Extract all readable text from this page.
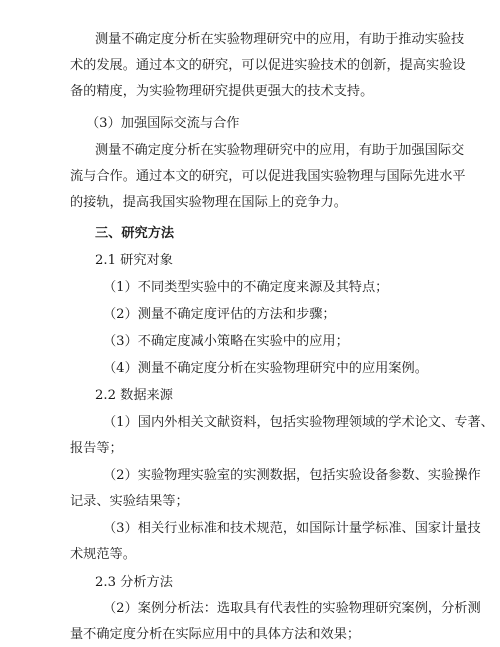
测量不确定度分析在实验物理研究中的应用，有助于推动实验技
术的发展。通过本文的研究，可以促进实验技术的创新，提高实验设
备的精度，为实验物理研究提供更强大的技术支持。
（3）加强国际交流与合作
测量不确定度分析在实验物理研究中的应用，有助于加强国际交
流与合作。通过本文的研究，可以促进我国实验物理与国际先进水平
的接轨，提高我国实验物理在国际上的竞争力。
三、研究方法
2.1 研究对象
（1）不同类型实验中的不确定度来源及其特点；
（2）测量不确定度评估的方法和步骤；
（3）不确定度减小策略在实验中的应用；
（4）测量不确定度分析在实验物理研究中的应用案例。
2.2 数据来源
（1）国内外相关文献资料，包括实验物理领域的学术论文、专著、
报告等；
（2）实验物理实验室的实测数据，包括实验设备参数、实验操作
记录、实验结果等；
（3）相关行业标准和技术规范，如国际计量学标准、国家计量技
术规范等。
2.3 分析方法
（2）案例分析法：选取具有代表性的实验物理研究案例，分析测
量不确定度分析在实际应用中的具体方法和效果；
